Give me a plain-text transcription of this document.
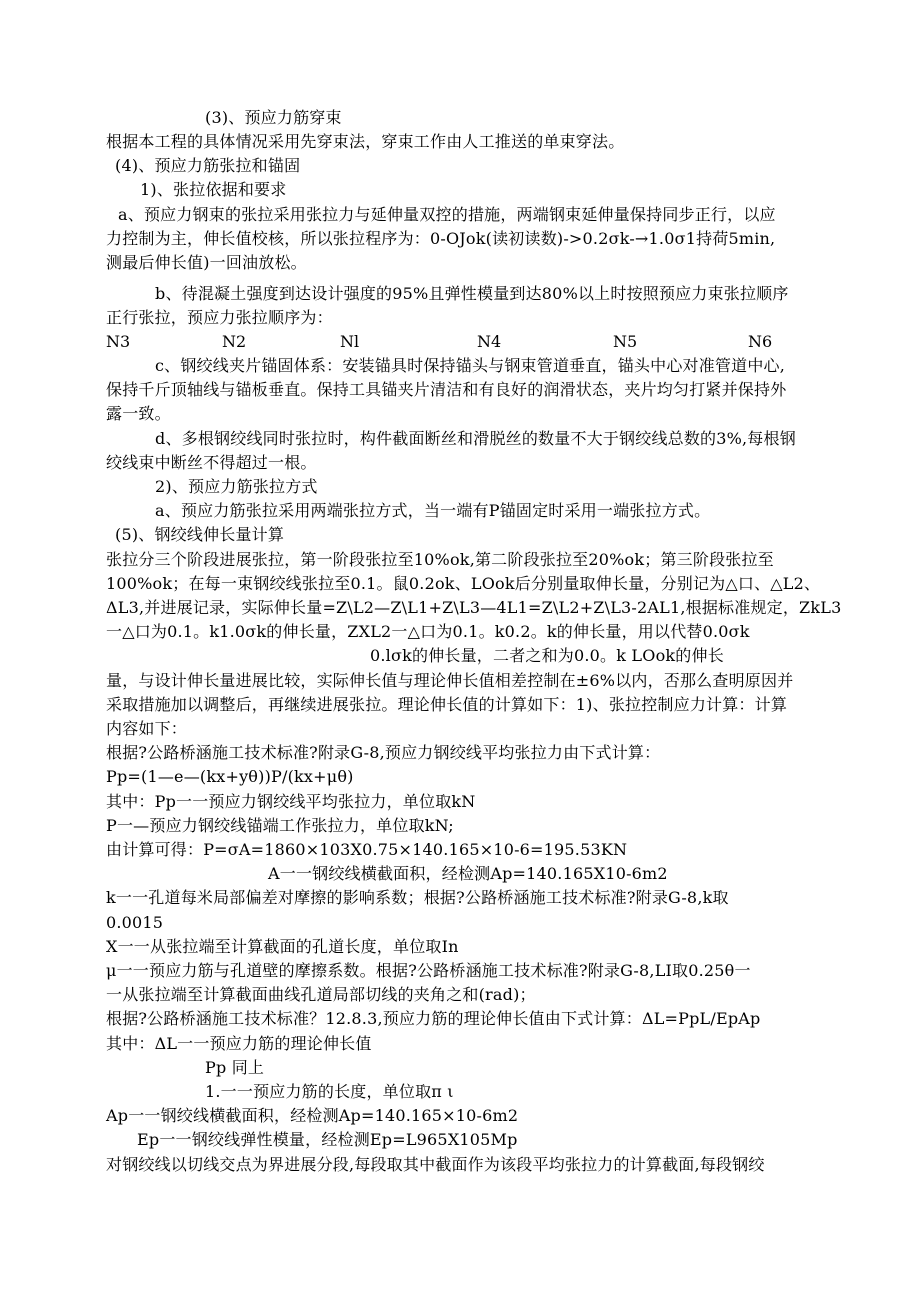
(3)、预应力筋穿束
根据本工程的具体情况采用先穿束法，穿束工作由人工推送的单束穿法。
(4)、预应力筋张拉和锚固
1)、张拉依据和要求
a、预应力钢束的张拉采用张拉力与延伸量双控的措施，两端钢束延伸量保持同步正行，以应
力控制为主，伸长值校核，所以张拉程序为：0-OJok(读初读数)->0.2σk-→1.0σ1持荷5min,
测最后伸长值)一回油放松。
b、待混凝土强度到达设计强度的95%且弹性模量到达80%以上时按照预应力束张拉顺序
正行张拉，预应力张拉顺序为：
N3	N2	Nl	N4	N5	N6
c、钢绞线夹片锚固体系：安装锚具时保持锚头与钢束管道垂直，锚头中心对准管道中心,
保持千斤顶轴线与锚板垂直。保持工具锚夹片清洁和有良好的润滑状态，夹片均匀打紧并保持外
露一致。
d、多根钢绞线同时张拉时，构件截面断丝和滑脱丝的数量不大于钢绞线总数的3%,每根钢
绞线束中断丝不得超过一根。
2)、预应力筋张拉方式
a、预应力筋张拉采用两端张拉方式，当一端有P锚固定时采用一端张拉方式。
(5)、钢绞线伸长量计算
张拉分三个阶段进展张拉，第一阶段张拉至10%ok,第二阶段张拉至20%ok；第三阶段张拉至
100%ok；在每一束钢绞线张拉至0.1。鼠0.2ok、LOok后分别量取伸长量，分别记为△口、△L2、
ΔL3,并进展记录，实际伸长量=Z\L2—Z\L1+Z\L3—4L1=Z\L2+Z\L3-2AL1,根据标准规定，ZkL3
一△口为0.1。k1.0σk的伸长量，ZXL2一△口为0.1。k0.2。k的伸长量，用以代替0.0σk
0.lσk的伸长量，二者之和为0.0。k LOok的伸长
量，与设计伸长量进展比较，实际伸长值与理论伸长值相差控制在±6%以内，否那么查明原因并
采取措施加以调整后，再继续进展张拉。理论伸长值的计算如下：1)、张拉控制应力计算：计算
内容如下：
根据?公路桥涵施工技术标准?附录G-8,预应力钢绞线平均张拉力由下式计算：
Pp=(1—e—(kx+yθ))P/(kx+μθ)
其中：Pp一一预应力钢绞线平均张拉力，单位取kN
P一—预应力钢绞线锚端工作张拉力，单位取kN;
由计算可得：P=σA=1860×103X0.75×140.165×10-6=195.53KN
A一一钢绞线横截面积，经检测Ap=140.165X10-6m2
k一一孔道每米局部偏差对摩擦的影响系数；根据?公路桥涵施工技术标准?附录G-8,k取
0.0015
X一一从张拉端至计算截面的孔道长度，单位取In
μ一一预应力筋与孔道壁的摩擦系数。根据?公路桥涵施工技术标准?附录G-8,LI取0.25θ一
一从张拉端至计算截面曲线孔道局部切线的夹角之和(rad)；
根据?公路桥涵施工技术标准？12.8.3,预应力筋的理论伸长值由下式计算：ΔL=PpL/EpAp
其中：ΔL一一预应力筋的理论伸长值
Pp 同上
1.一一预应力筋的长度，单位取π ι
Ap一一钢绞线横截面积，经检测Ap=140.165×10-6m2
Ep一一钢绞线弹性模量，经检测Ep=L965X105Mp
对钢绞线以切线交点为界进展分段,每段取其中截面作为该段平均张拉力的计算截面,每段钢绞
